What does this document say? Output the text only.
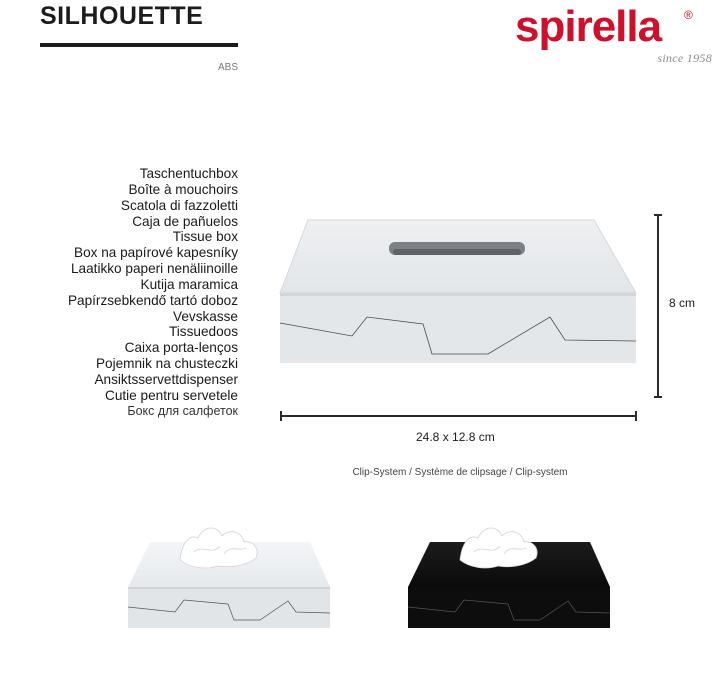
SILHOUETTE
ABS
spirella ®
since 1958
Taschentuchbox
Boîte à mouchoirs
Scatola di fazzoletti
Caja de pañuelos
Tissue box
Box na papírové kapesníky
Laatikko paperi nenäliinoille
Kutija maramica
Papírzsebkendő tartó doboz
Vevskasse
Tissuedoos
Caixa porta-lenços
Pojemnik na chusteczki
Ansiktsservettdispenser
Cutie pentru servetele
Бокс для салфеток
8 cm
24.8 x 12.8 cm
Clip-System / Système de clipsage / Clip-system
